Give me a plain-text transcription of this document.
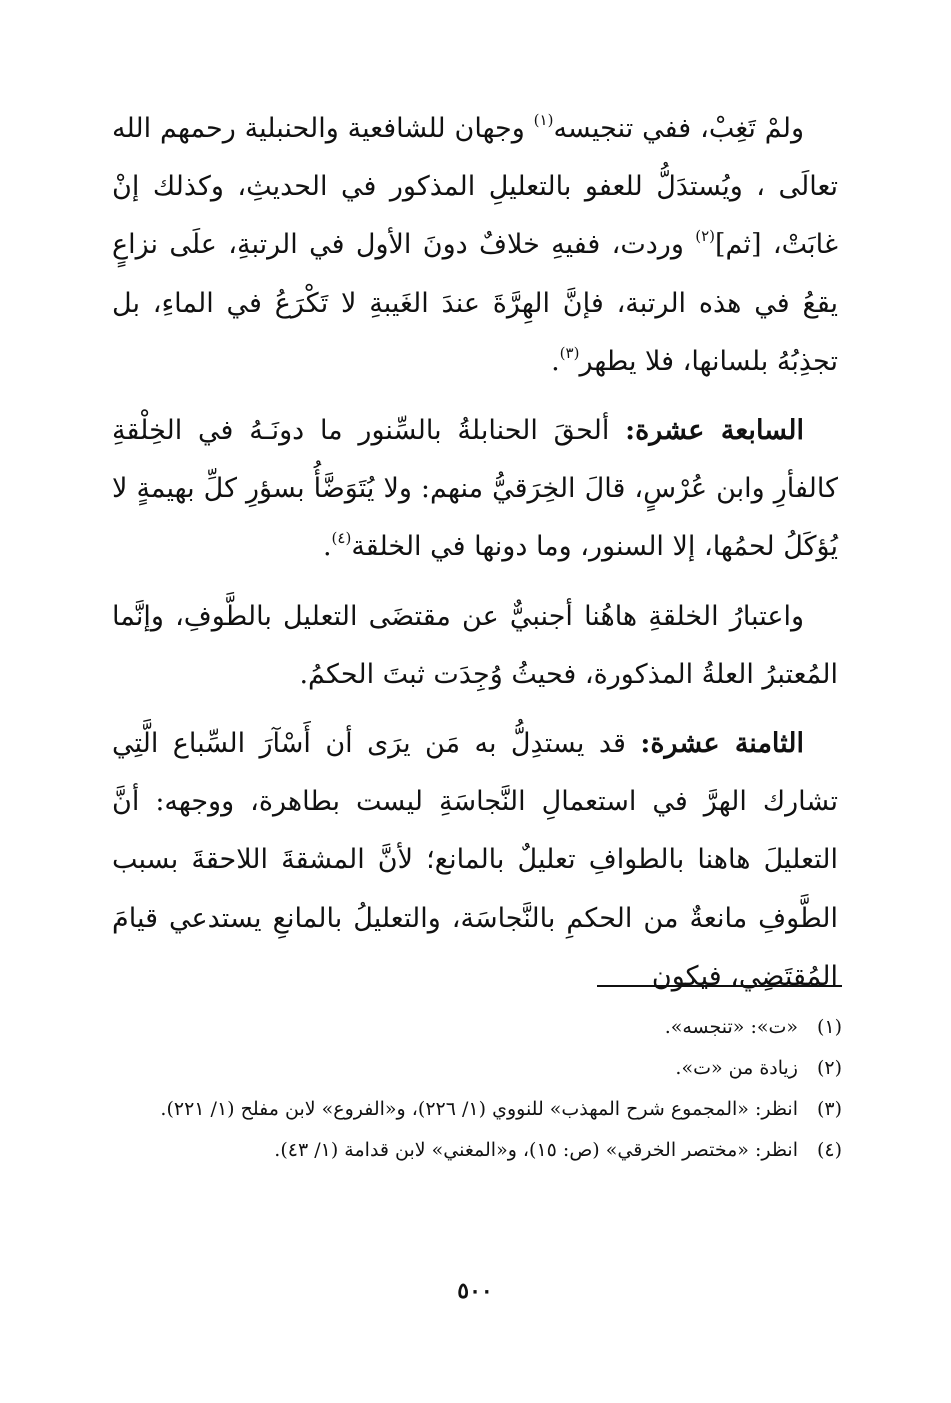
ولمْ تَغِبْ، ففي تنجيسه$^{(١)}$ وجهان للشافعية والحنبلية رحمهم الله تعالَى ، ويُستدَلُّ للعفو بالتعليلِ المذكور في الحديثِ، وكذلك إنْ غابَتْ، [ثم]$^{(٢)}$ وردت، ففيهِ خلافٌ دونَ الأول في الرتبةِ، علَى نزاعٍ يقعُ في هذه الرتبة، فإنَّ الهِرَّةَ عندَ الغَيبةِ لا تَكْرَعُ في الماءِ، بل تجذِبُهُ بلسانها، فلا يطهر$^{(٣)}$.

السابعة عشرة: ألحقَ الحنابلةُ بالسِّنور ما دونَـهُ في الخِلْقةِ كالفأرِ وابن عُرْسٍ، قالَ الخِرَقيُّ منهم: ولا يُتَوَضَّأُ بسؤرِ كلِّ بهيمةٍ لا يُؤكَلُ لحمُها، إلا السنور، وما دونها في الخلقة$^{(٤)}$.

واعتبارُ الخلقةِ هاهُنا أجنبيٌّ عن مقتضَى التعليل بالطَّوفِ، وإنَّما المُعتبرُ العلةُ المذكورة، فحيثُ وُجِدَت ثبتَ الحكمُ.

الثامنة عشرة: قد يستدِلُّ به مَن يرَى أن أَسْآرَ السِّباع الَّتِي تشارك الهرَّ في استعمالِ النَّجاسَةِ ليست بطاهرة، ووجهه: أنَّ التعليلَ هاهنا بالطوافِ تعليلٌ بالمانع؛ لأنَّ المشقةَ اللاحقةَ بسبب الطَّوفِ مانعةٌ من الحكمِ بالنَّجاسَة، والتعليلُ بالمانعِ يستدعي قيامَ المُقتَضِي، فيكون

(١)
«ت»: «تنجسه».
(٢)
زيادة من «ت».
(٣)
انظر: «المجموع شرح المهذب» للنووي (١/ ٢٢٦)، و«الفروع» لابن مفلح (١/ ٢٢١).
(٤)
انظر: «مختصر الخرقي» (ص: ١٥)، و«المغني» لابن قدامة (١/ ٤٣).
٥٠٠
